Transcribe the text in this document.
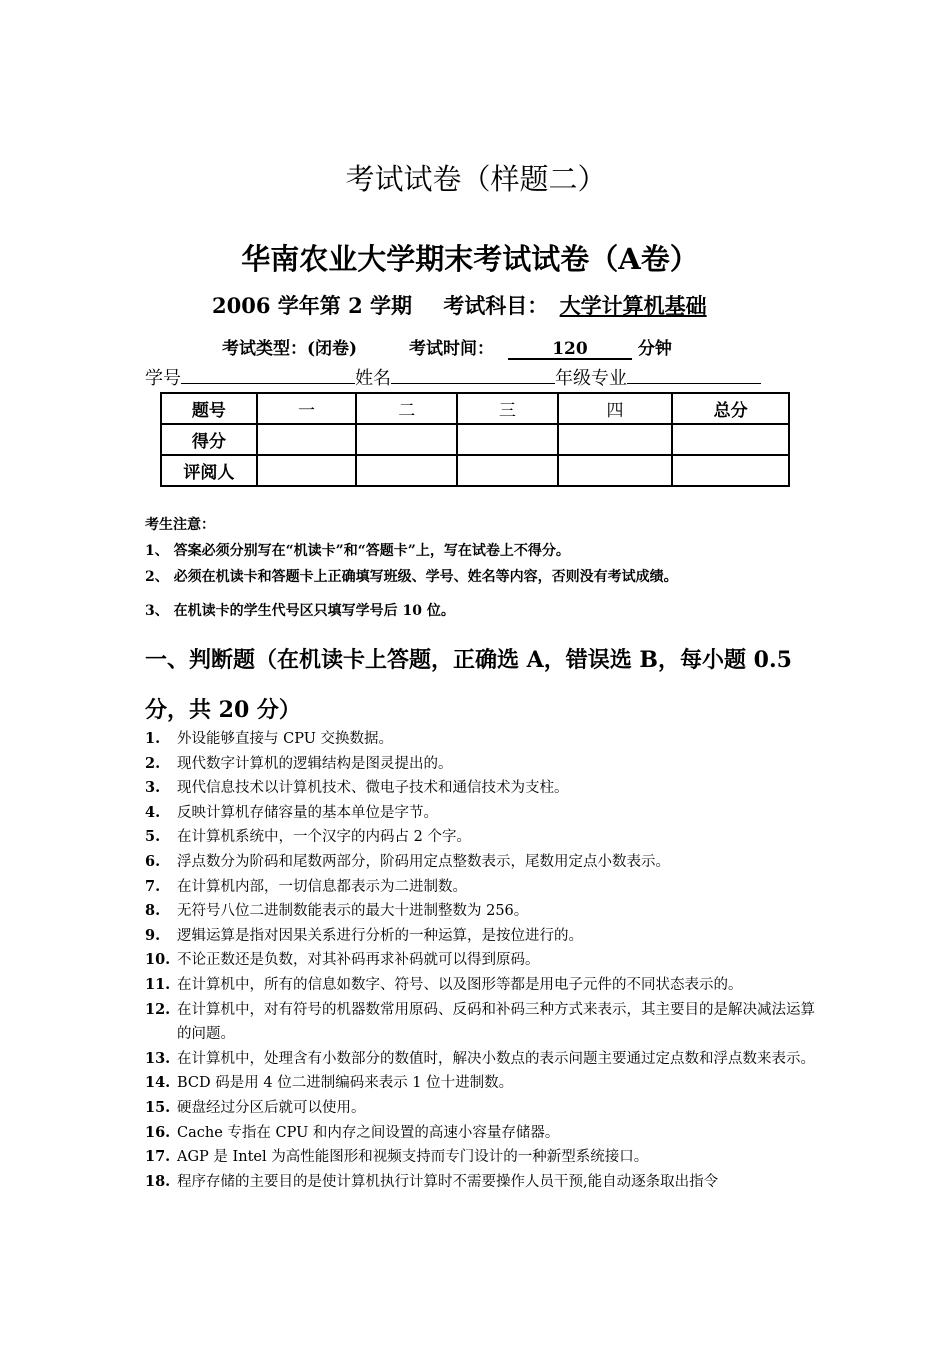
考试试卷（样题二）
华南农业大学期末考试试卷（A卷）
2006 学年第 2 学期 考试科目： 大学计算机基础
考试类型：(闭卷)	考试时间：	120	分钟
学号	姓名	年级专业
题号	一	二	三	四	总分
得分					
评阅人					
考生注意：
1、 答案必须分别写在“机读卡”和“答题卡”上，写在试卷上不得分。
2、 必须在机读卡和答题卡上正确填写班级、学号、姓名等内容，否则没有考试成绩。
3、 在机读卡的学生代号区只填写学号后 10 位。
一、判断题（在机读卡上答题，正确选 A，错误选 B，每小题 0.5 分，共 20 分）
1.	外设能够直接与 CPU 交换数据。
2.	现代数字计算机的逻辑结构是图灵提出的。
3.	现代信息技术以计算机技术、微电子技术和通信技术为支柱。
4.	反映计算机存储容量的基本单位是字节。
5.	在计算机系统中，一个汉字的内码占 2 个字。
6.	浮点数分为阶码和尾数两部分，阶码用定点整数表示，尾数用定点小数表示。
7.	在计算机内部，一切信息都表示为二进制数。
8.	无符号八位二进制数能表示的最大十进制整数为 256。
9.	逻辑运算是指对因果关系进行分析的一种运算，是按位进行的。
10. 不论正数还是负数，对其补码再求补码就可以得到原码。
11. 在计算机中，所有的信息如数字、符号、以及图形等都是用电子元件的不同状态表示的。
12. 在计算机中，对有符号的机器数常用原码、反码和补码三种方式来表示，其主要目的是解决减法运算的问题。
13. 在计算机中，处理含有小数部分的数值时，解决小数点的表示问题主要通过定点数和浮点数来表示。
14. BCD 码是用 4 位二进制编码来表示 1 位十进制数。
15. 硬盘经过分区后就可以使用。
16. Cache 专指在 CPU 和内存之间设置的高速小容量存储器。
17. AGP 是 Intel 为高性能图形和视频支持而专门设计的一种新型系统接口。
18. 程序存储的主要目的是使计算机执行计算时不需要操作人员干预,能自动逐条取出指令
